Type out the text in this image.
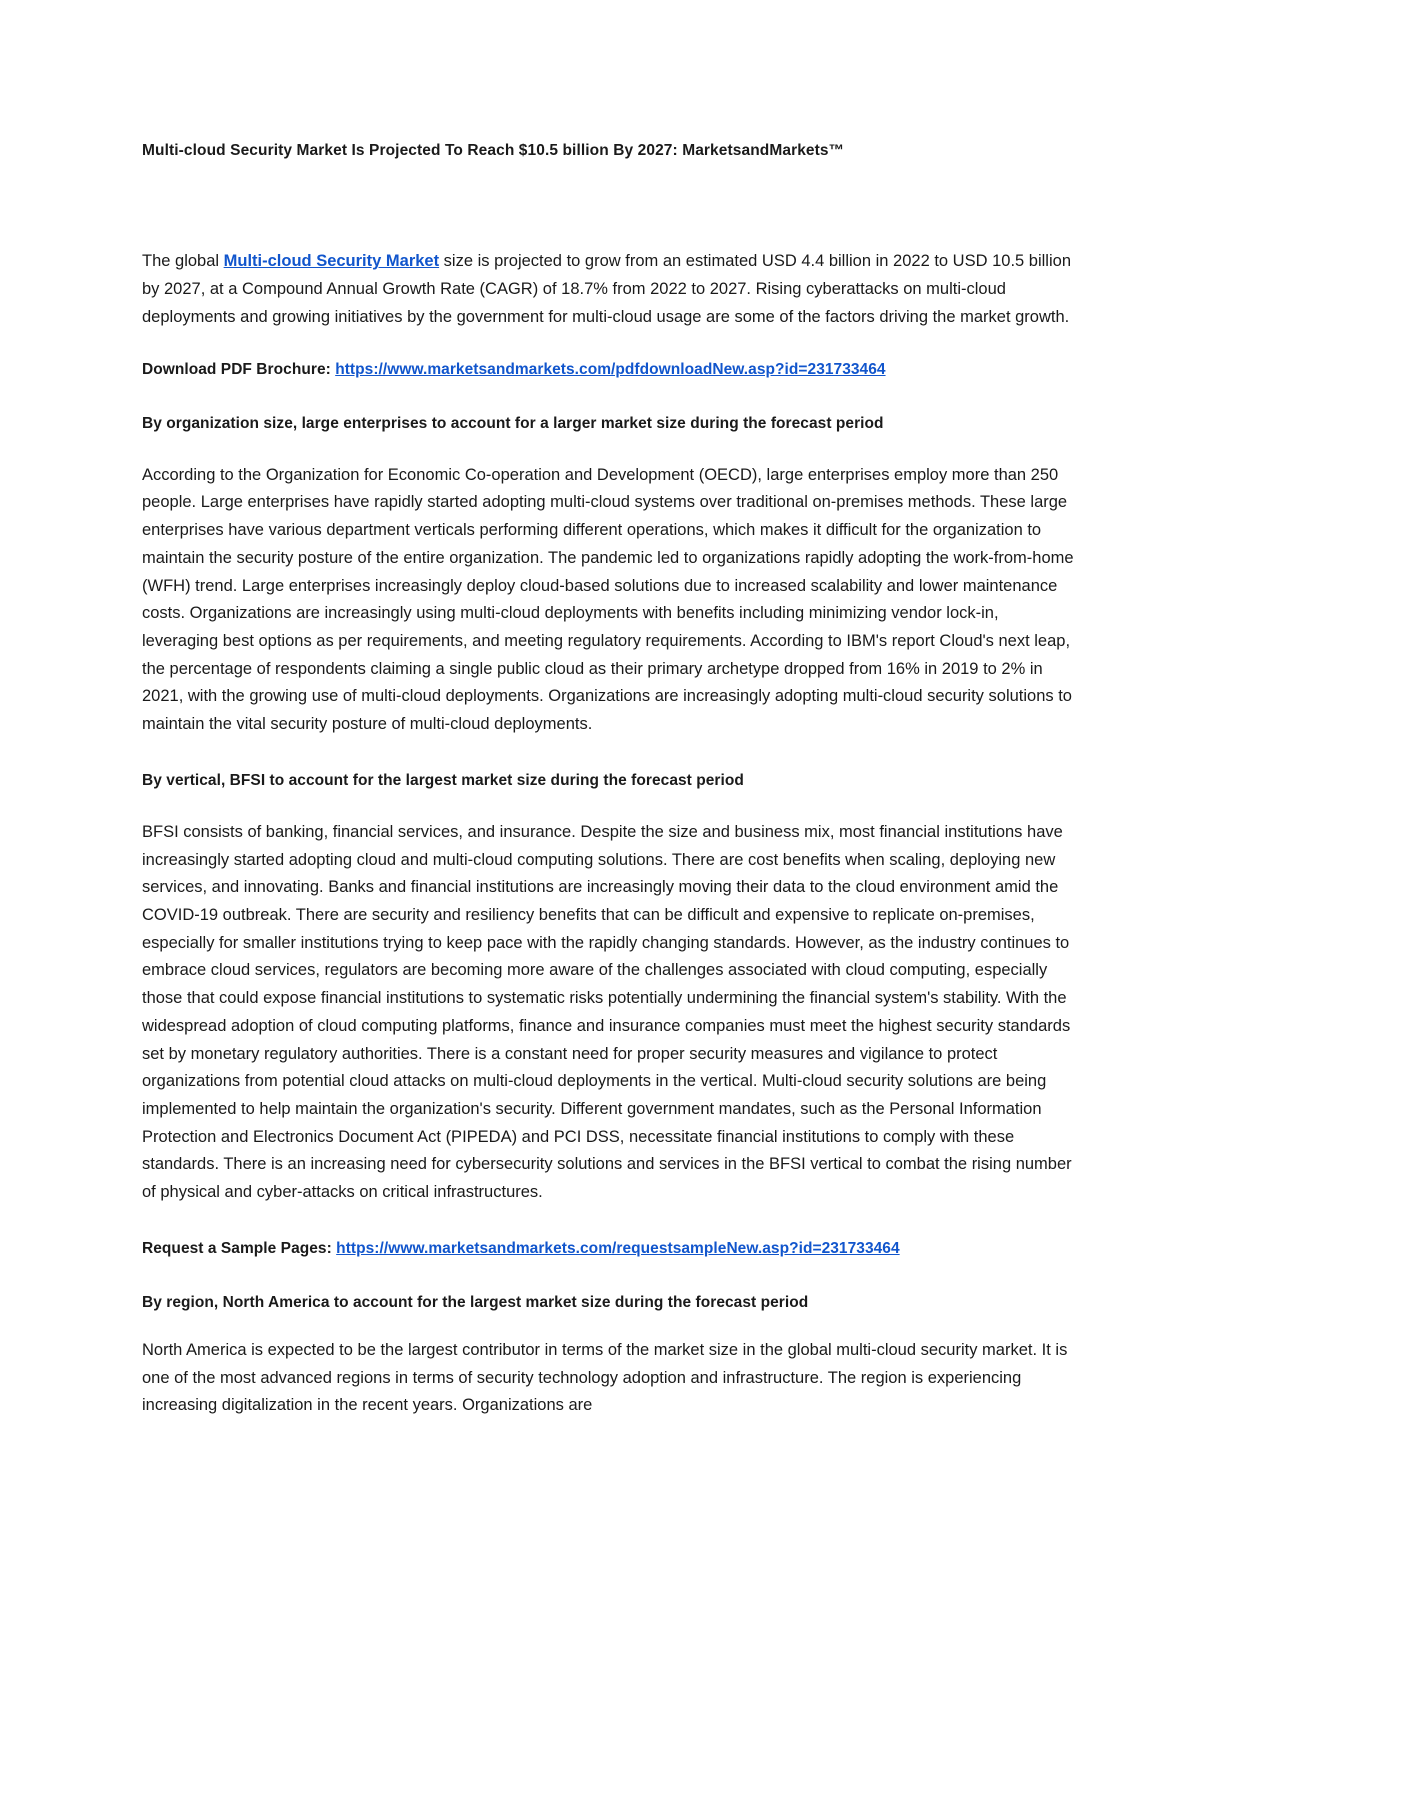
Multi-cloud Security Market Is Projected To Reach $10.5 billion By 2027: MarketsandMarkets™

The global Multi-cloud Security Market size is projected to grow from an estimated USD 4.4 billion in 2022 to USD 10.5 billion by 2027, at a Compound Annual Growth Rate (CAGR) of 18.7% from 2022 to 2027. Rising cyberattacks on multi-cloud deployments and growing initiatives by the government for multi-cloud usage are some of the factors driving the market growth.

Download PDF Brochure: https://www.marketsandmarkets.com/pdfdownloadNew.asp?id=231733464

By organization size, large enterprises to account for a larger market size during the forecast period

According to the Organization for Economic Co-operation and Development (OECD), large enterprises employ more than 250 people. Large enterprises have rapidly started adopting multi-cloud systems over traditional on-premises methods. These large enterprises have various department verticals performing different operations, which makes it difficult for the organization to maintain the security posture of the entire organization. The pandemic led to organizations rapidly adopting the work-from-home (WFH) trend. Large enterprises increasingly deploy cloud-based solutions due to increased scalability and lower maintenance costs. Organizations are increasingly using multi-cloud deployments with benefits including minimizing vendor lock-in, leveraging best options as per requirements, and meeting regulatory requirements. According to IBM's report Cloud's next leap, the percentage of respondents claiming a single public cloud as their primary archetype dropped from 16% in 2019 to 2% in 2021, with the growing use of multi-cloud deployments. Organizations are increasingly adopting multi-cloud security solutions to maintain the vital security posture of multi-cloud deployments.

By vertical, BFSI to account for the largest market size during the forecast period

BFSI consists of banking, financial services, and insurance. Despite the size and business mix, most financial institutions have increasingly started adopting cloud and multi-cloud computing solutions. There are cost benefits when scaling, deploying new services, and innovating. Banks and financial institutions are increasingly moving their data to the cloud environment amid the COVID-19 outbreak. There are security and resiliency benefits that can be difficult and expensive to replicate on-premises, especially for smaller institutions trying to keep pace with the rapidly changing standards. However, as the industry continues to embrace cloud services, regulators are becoming more aware of the challenges associated with cloud computing, especially those that could expose financial institutions to systematic risks potentially undermining the financial system's stability. With the widespread adoption of cloud computing platforms, finance and insurance companies must meet the highest security standards set by monetary regulatory authorities. There is a constant need for proper security measures and vigilance to protect organizations from potential cloud attacks on multi-cloud deployments in the vertical. Multi-cloud security solutions are being implemented to help maintain the organization's security. Different government mandates, such as the Personal Information Protection and Electronics Document Act (PIPEDA) and PCI DSS, necessitate financial institutions to comply with these standards. There is an increasing need for cybersecurity solutions and services in the BFSI vertical to combat the rising number of physical and cyber-attacks on critical infrastructures.

Request a Sample Pages: https://www.marketsandmarkets.com/requestsampleNew.asp?id=231733464

By region, North America to account for the largest market size during the forecast period

North America is expected to be the largest contributor in terms of the market size in the global multi-cloud security market. It is one of the most advanced regions in terms of security technology adoption and infrastructure. The region is experiencing increasing digitalization in the recent years. Organizations are
